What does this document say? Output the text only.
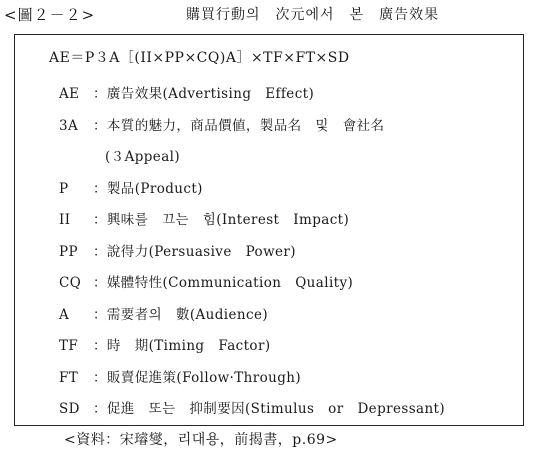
<圖２－２>	購買行動의　次元에서　본　廣告效果
AE＝P３A［(II×PP×CQ)A］×TF×FT×SD
AE ：廣告效果(Advertising　Effect)
3A ：本質的魅力，商品價値，製品名　및　會社名
(３Appeal)
P ：製品(Product)
II ：興味를　끄는　힘(Interest　Impact)
PP ：說得力(Persuasive　Power)
CQ ：媒體特性(Communication　Quality)
A ：需要者의　數(Audience)
TF ：時　期(Timing　Factor)
FT ：販賣促進策(Follow·Through)
SD ：促進　또는　抑制要因(Stimulus　or　Depressant)
<資料：宋璿燮，리대용，前揭書，p.69>
